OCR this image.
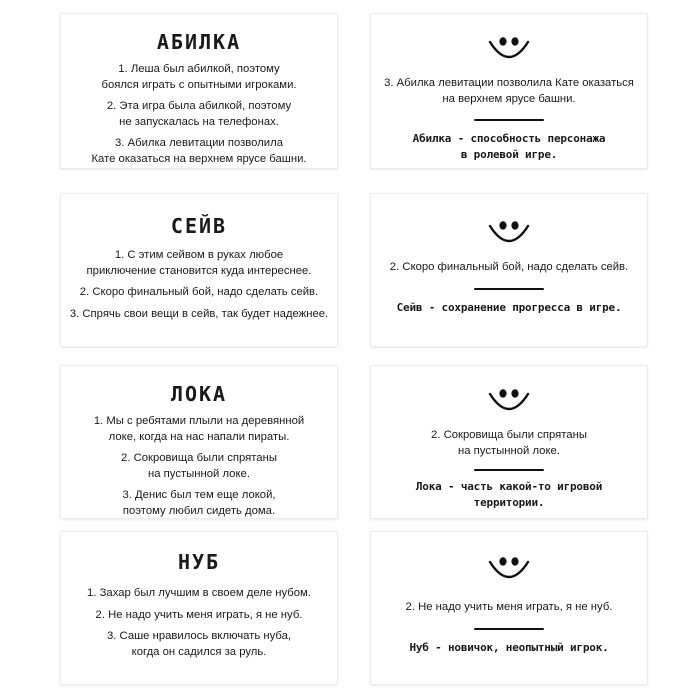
АБИЛКА

1. Леша был абилкой, поэтому
боялся играть с опытными игроками.

2. Эта игра была абилкой, поэтому
не запускалась на телефонах.

3. Абилка левитации позволила
Кате оказаться на верхнем ярусе башни.

СЕЙВ

1. С этим сейвом в руках любое
приключение становится куда интереснее.

2. Скоро финальный бой, надо сделать сейв.

3. Спрячь свои вещи в сейв, так будет надежнее.

ЛОКА

1. Мы с ребятами плыли на деревянной
локе, когда на нас напали пираты.

2. Сокровища были спрятаны
на пустынной локе.

3. Денис был тем еще локой,
поэтому любил сидеть дома.

НУБ

1. Захар был лучшим в своем деле нубом.

2. Не надо учить меня играть, я не нуб.

3. Саше нравилось включать нуба,
когда он садился за руль.

3. Абилка левитации позволила Кате оказаться
на верхнем ярусе башни.
Абилка - способность персонажа
в ролевой игре.
2. Скоро финальный бой, надо сделать сейв.
Сейв - сохранение прогресса в игре.
2. Сокровища были спрятаны
на пустынной локе.
Лока - часть какой-то игровой
территории.
2. Не надо учить меня играть, я не нуб.
Нуб - новичок, неопытный игрок.
